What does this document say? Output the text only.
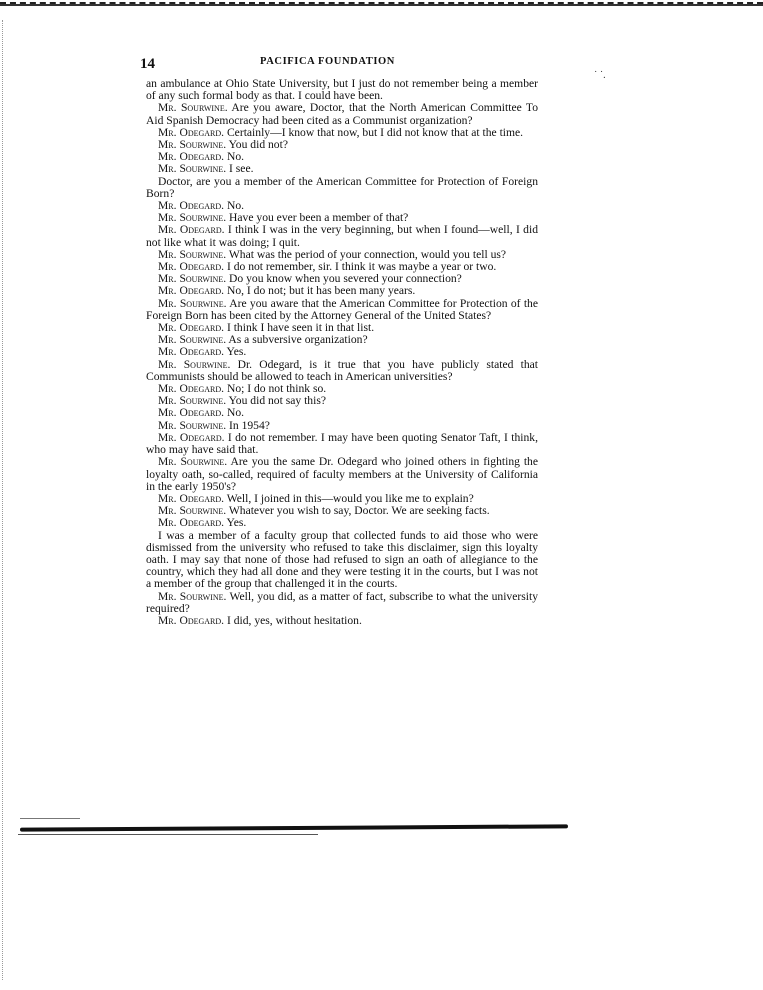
14	PACIFICA FOUNDATION
˙ ˙.

an ambulance at Ohio State University, but I just do not remember being a member of any such formal body as that. I could have been.

Mr. Sourwine. Are you aware, Doctor, that the North American Committee To Aid Spanish Democracy had been cited as a Communist organization?

Mr. Odegard. Certainly—I know that now, but I did not know that at the time.

Mr. Sourwine. You did not?

Mr. Odegard. No.

Mr. Sourwine. I see.

Doctor, are you a member of the American Committee for Protection of Foreign Born?

Mr. Odegard. No.

Mr. Sourwine. Have you ever been a member of that?

Mr. Odegard. I think I was in the very beginning, but when I found—well, I did not like what it was doing; I quit.

Mr. Sourwine. What was the period of your connection, would you tell us?

Mr. Odegard. I do not remember, sir. I think it was maybe a year or two.

Mr. Sourwine. Do you know when you severed your connection?

Mr. Odegard. No, I do not; but it has been many years.

Mr. Sourwine. Are you aware that the American Committee for Protection of the Foreign Born has been cited by the Attorney General of the United States?

Mr. Odegard. I think I have seen it in that list.

Mr. Sourwine. As a subversive organization?

Mr. Odegard. Yes.

Mr. Sourwine. Dr. Odegard, is it true that you have publicly stated that Communists should be allowed to teach in American universities?

Mr. Odegard. No; I do not think so.

Mr. Sourwine. You did not say this?

Mr. Odegard. No.

Mr. Sourwine. In 1954?

Mr. Odegard. I do not remember. I may have been quoting Senator Taft, I think, who may have said that.

Mr. Sourwine. Are you the same Dr. Odegard who joined others in fighting the loyalty oath, so-called, required of faculty members at the University of California in the early 1950's?

Mr. Odegard. Well, I joined in this—would you like me to explain?

Mr. Sourwine. Whatever you wish to say, Doctor. We are seeking facts.

Mr. Odegard. Yes.

I was a member of a faculty group that collected funds to aid those who were dismissed from the university who refused to take this disclaimer, sign this loyalty oath. I may say that none of those had refused to sign an oath of allegiance to the country, which they had all done and they were testing it in the courts, but I was not a member of the group that challenged it in the courts.

Mr. Sourwine. Well, you did, as a matter of fact, subscribe to what the university required?

Mr. Odegard. I did, yes, without hesitation.
